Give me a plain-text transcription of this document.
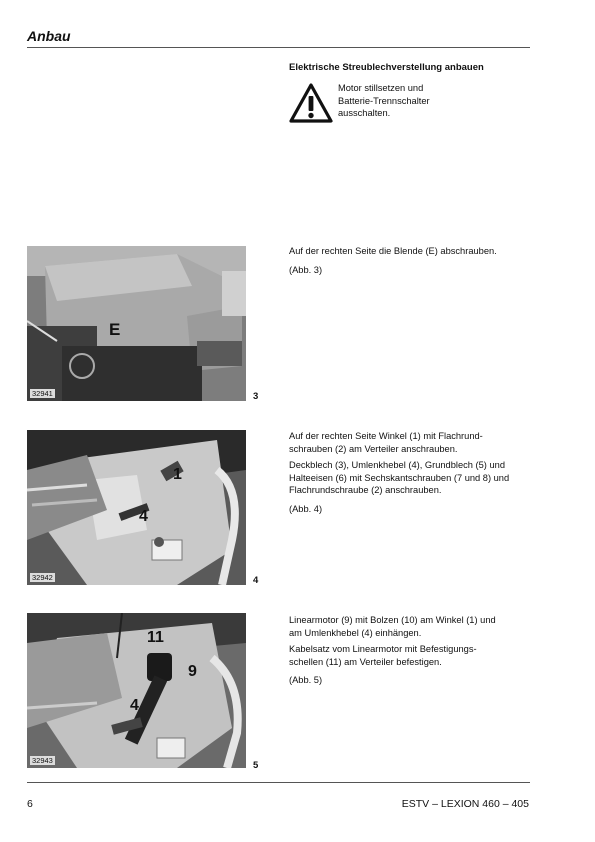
Anbau
Elektrische Streublechverstellung anbauen
Motor stillsetzen und
Batterie-Trennschalter
ausschalten.
E
32941	3
Auf der rechten Seite die Blende (E) abschrauben.
(Abb. 3)
1
4
32942	4
Auf der rechten Seite Winkel (1) mit Flachrund-
schrauben (2) am Verteiler anschrauben.
Deckblech (3), Umlenkhebel (4), Grundblech (5) und
Halteeisen (6) mit Sechskantschrauben (7 und 8) und
Flachrundschraube (2) anschrauben.
(Abb. 4)
11
9
4
32943	5
Linearmotor (9) mit Bolzen (10) am Winkel (1) und
am Umlenkhebel (4) einhängen.
Kabelsatz vom Linearmotor mit Befestigungs-
schellen (11) am Verteiler befestigen.
(Abb. 5)
6	ESTV – LEXION 460 – 405
